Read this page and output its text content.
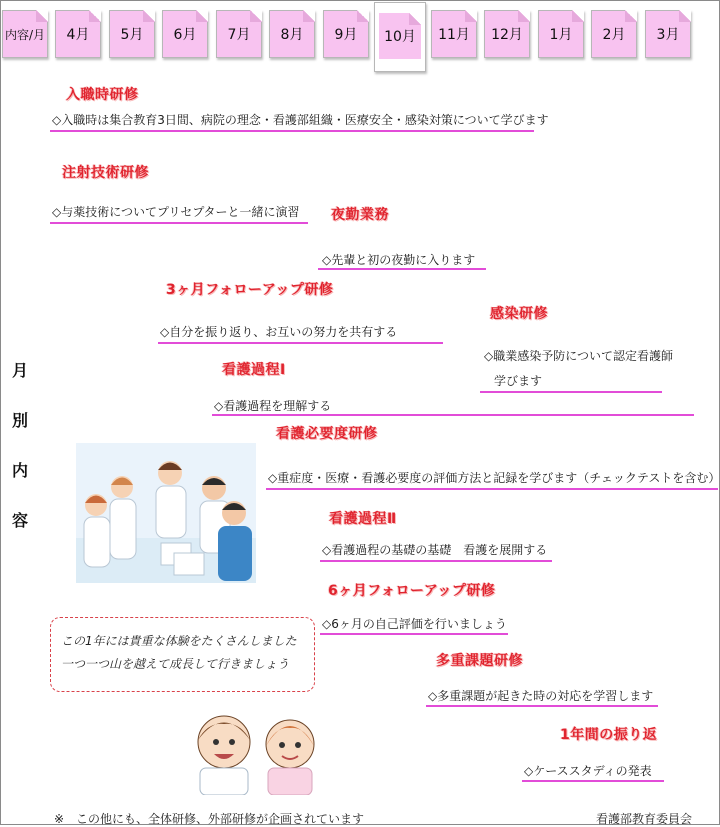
内容/月 4月 5月 6月 7月 8月 9月 10月 11月 12月 1月 2月 3月
月
別
内
容
入職時研修
◇入職時は集合教育3日間、病院の理念・看護部組織・医療安全・感染対策について学びます
注射技術研修
◇与薬技術についてプリセプターと一緒に演習 夜勤業務
◇先輩と初の夜勤に入ります
3ヶ月フォローアップ研修
◇自分を振り返り、お互いの努力を共有する
感染研修
◇職業感染予防について認定看護師
学びます
看護過程Ⅰ
◇看護過程を理解する
看護必要度研修
◇重症度・医療・看護必要度の評価方法と記録を学びます（チェックテストを含む）
看護過程Ⅱ
◇看護過程の基礎の基礎　看護を展開する
6ヶ月フォローアップ研修
◇6ヶ月の自己評価を行いましょう
多重課題研修
◇多重課題が起きた時の対応を学習します
1年間の振り返
◇ケーススタディの発表
この1年には貴重な体験をたくさんしました
一つ一つ山を越えて成長して行きましょう
※　この他にも、全体研修、外部研修が企画されています	看護部教育委員会
